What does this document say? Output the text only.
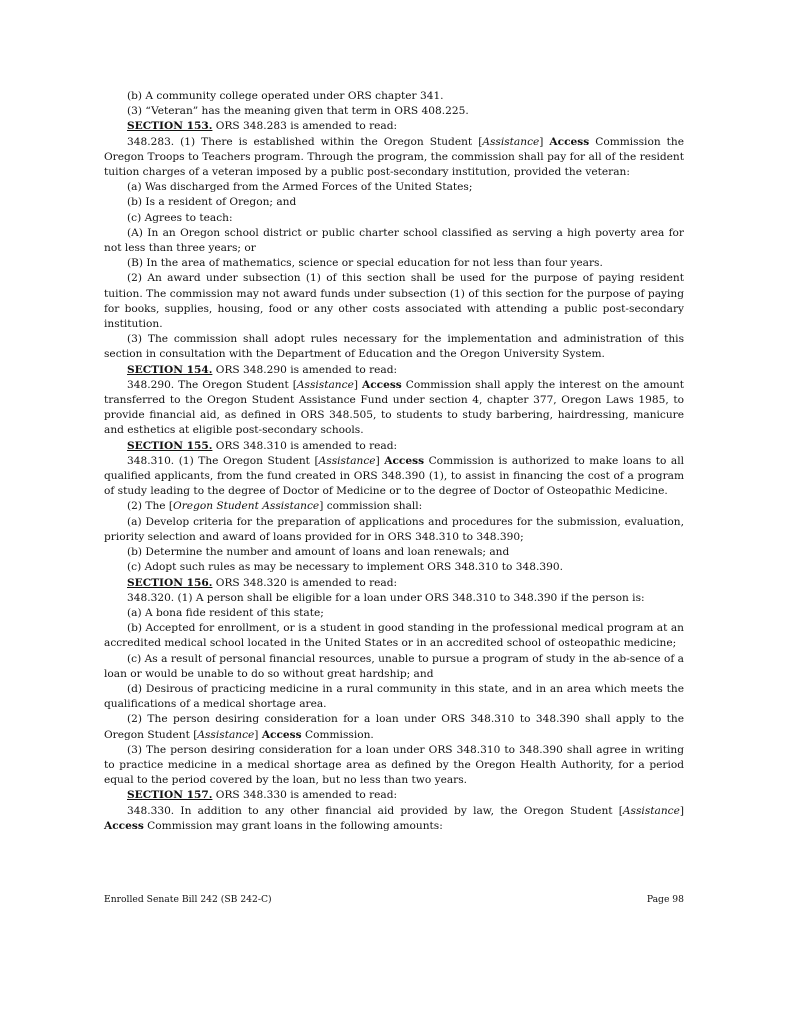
(b) A community college operated under ORS chapter 341.

(3) “Veteran” has the meaning given that term in ORS 408.225.

SECTION 153. ORS 348.283 is amended to read:

348.283. (1) There is established within the Oregon Student [Assistance] Access Commission the Oregon Troops to Teachers program. Through the program, the commission shall pay for all of the resident tuition charges of a veteran imposed by a public post-secondary institution, provided the veteran:

(a) Was discharged from the Armed Forces of the United States;

(b) Is a resident of Oregon; and

(c) Agrees to teach:

(A) In an Oregon school district or public charter school classified as serving a high poverty area for not less than three years; or

(B) In the area of mathematics, science or special education for not less than four years.

(2) An award under subsection (1) of this section shall be used for the purpose of paying resident tuition. The commission may not award funds under subsection (1) of this section for the purpose of paying for books, supplies, housing, food or any other costs associated with attending a public post-secondary institution.

(3) The commission shall adopt rules necessary for the implementation and administration of this section in consultation with the Department of Education and the Oregon University System.

SECTION 154. ORS 348.290 is amended to read:

348.290. The Oregon Student [Assistance] Access Commission shall apply the interest on the amount transferred to the Oregon Student Assistance Fund under section 4, chapter 377, Oregon Laws 1985, to provide financial aid, as defined in ORS 348.505, to students to study barbering, hairdressing, manicure and esthetics at eligible post-secondary schools.

SECTION 155. ORS 348.310 is amended to read:

348.310. (1) The Oregon Student [Assistance] Access Commission is authorized to make loans to all qualified applicants, from the fund created in ORS 348.390 (1), to assist in financing the cost of a program of study leading to the degree of Doctor of Medicine or to the degree of Doctor of Osteopathic Medicine.

(2) The [Oregon Student Assistance] commission shall:

(a) Develop criteria for the preparation of applications and procedures for the submission, evaluation, priority selection and award of loans provided for in ORS 348.310 to 348.390;

(b) Determine the number and amount of loans and loan renewals; and

(c) Adopt such rules as may be necessary to implement ORS 348.310 to 348.390.

SECTION 156. ORS 348.320 is amended to read:

348.320. (1) A person shall be eligible for a loan under ORS 348.310 to 348.390 if the person is:

(a) A bona fide resident of this state;

(b) Accepted for enrollment, or is a student in good standing in the professional medical program at an accredited medical school located in the United States or in an accredited school of osteopathic medicine;

(c) As a result of personal financial resources, unable to pursue a program of study in the ab-sence of a loan or would be unable to do so without great hardship; and

(d) Desirous of practicing medicine in a rural community in this state, and in an area which meets the qualifications of a medical shortage area.

(2) The person desiring consideration for a loan under ORS 348.310 to 348.390 shall apply to the Oregon Student [Assistance] Access Commission.

(3) The person desiring consideration for a loan under ORS 348.310 to 348.390 shall agree in writing to practice medicine in a medical shortage area as defined by the Oregon Health Authority, for a period equal to the period covered by the loan, but no less than two years.

SECTION 157. ORS 348.330 is amended to read:

348.330. In addition to any other financial aid provided by law, the Oregon Student [Assistance] Access Commission may grant loans in the following amounts:

Enrolled Senate Bill 242 (SB 242-C)	Page 98
